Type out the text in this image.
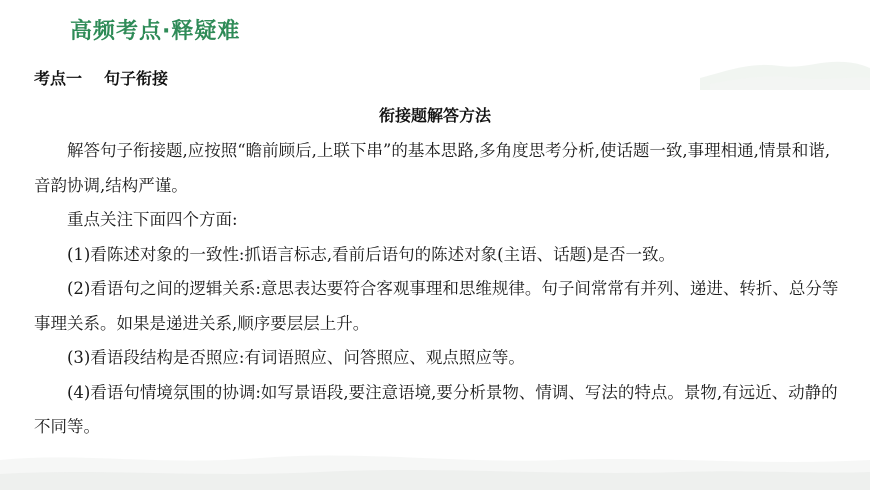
高频考点·释疑难
考点一 句子衔接
衔接题解答方法

解答句子衔接题,应按照“瞻前顾后,上联下串”的基本思路,多角度思考分析,使话题一致,事理相通,情景和谐,音韵协调,结构严谨。

重点关注下面四个方面:

(1)看陈述对象的一致性:抓语言标志,看前后语句的陈述对象(主语、话题)是否一致。

(2)看语句之间的逻辑关系:意思表达要符合客观事理和思维规律。句子间常常有并列、递进、转折、总分等事理关系。如果是递进关系,顺序要层层上升。

(3)看语段结构是否照应:有词语照应、问答照应、观点照应等。

(4)看语句情境氛围的协调:如写景语段,要注意语境,要分析景物、情调、写法的特点。景物,有远近、动静的不同等。
